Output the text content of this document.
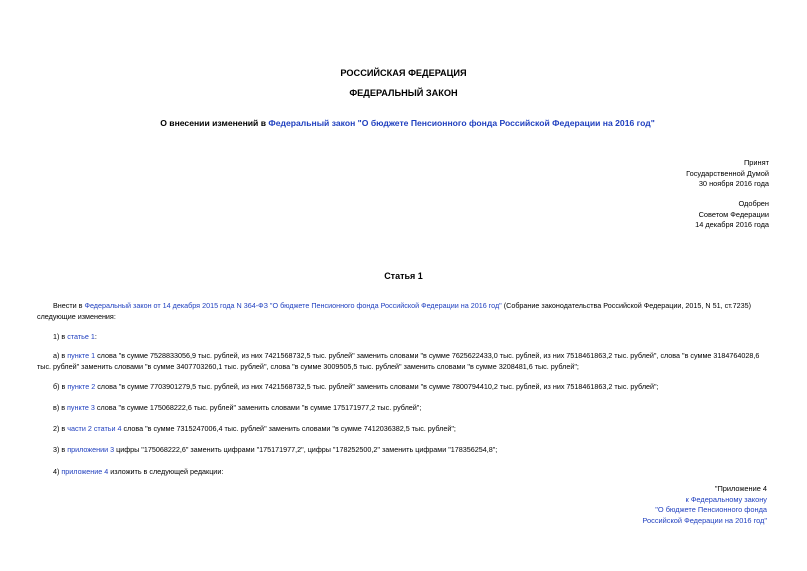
РОССИЙСКАЯ ФЕДЕРАЦИЯ
ФЕДЕРАЛЬНЫЙ ЗАКОН
О внесении изменений в Федеральный закон "О бюджете Пенсионного фонда Российской Федерации на 2016 год"
Принят
Государственной Думой
30 ноября 2016 года
Одобрен
Советом Федерации
14 декабря 2016 года
Статья 1
Внести в Федеральный закон от 14 декабря 2015 года N 364-ФЗ "О бюджете Пенсионного фонда Российской Федерации на 2016 год" (Собрание законодательства Российской Федерации, 2015, N 51, ст.7235) следующие изменения:
1) в статье 1:
а) в пункте 1 слова "в сумме 7528833056,9 тыс. рублей, из них 7421568732,5 тыс. рублей" заменить словами "в сумме 7625622433,0 тыс. рублей, из них 7518461863,2 тыс. рублей", слова "в сумме 3184764028,6 тыс. рублей" заменить словами "в сумме 3407703260,1 тыс. рублей", слова "в сумме 3009505,5 тыс. рублей" заменить словами "в сумме 3208481,6 тыс. рублей";
б) в пункте 2 слова "в сумме 7703901279,5 тыс. рублей, из них 7421568732,5 тыс. рублей" заменить словами "в сумме 7800794410,2 тыс. рублей, из них 7518461863,2 тыс. рублей";
в) в пункте 3 слова "в сумме 175068222,6 тыс. рублей" заменить словами "в сумме 175171977,2 тыс. рублей";
2) в части 2 статьи 4 слова "в сумме 7315247006,4 тыс. рублей" заменить словами "в сумме 7412036382,5 тыс. рублей";
3) в приложении 3 цифры "175068222,6" заменить цифрами "175171977,2", цифры "178252500,2" заменить цифрами "178356254,8";
4) приложение 4 изложить в следующей редакции:
"Приложение 4
к Федеральному закону
"О бюджете Пенсионного фонда
Российской Федерации на 2016 год"
